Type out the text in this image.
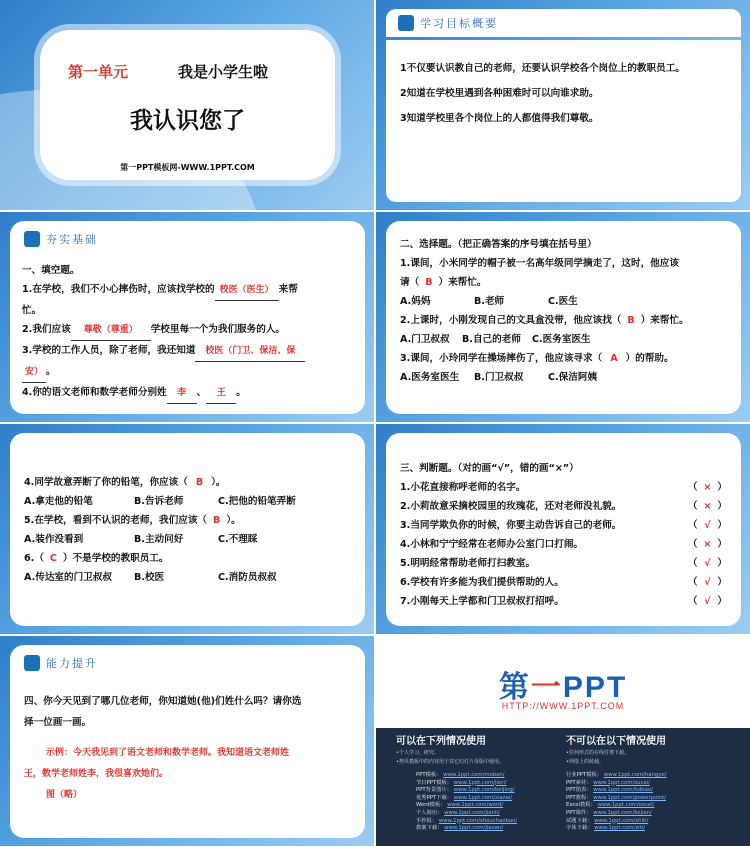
第一单元	我是小学生啦
我认识您了
第一PPT模板网-WWW.1PPT.COM
学习目标概要
1不仅要认识教自己的老师，还要认识学校各个岗位上的教职员工。
2知道在学校里遇到各种困难时可以向谁求助。
3知道学校里各个岗位上的人都值得我们尊敬。
夯实基础
一、填空题。
1.在学校，我们不小心摔伤时，应该找学校的 校医（医生） 来帮
忙。
2.我们应该 尊敬（尊重） 学校里每一个为我们服务的人。
3.学校的工作人员，除了老师，我还知道 校医（门卫、保洁、保
安） 。
4.你的语文老师和数学老师分别姓 李 、 王 。
二、选择题。（把正确答案的序号填在括号里）
1.课间，小米同学的帽子被一名高年级同学摘走了，这时，他应该
请（ B ）来帮忙。
A.妈妈	B.老师	C.医生
2.上课时，小刚发现自己的文具盒没带，他应该找（ B ）来帮忙。
A.门卫叔叔 B.自己的老师 C.医务室医生
3.课间，小玲同学在操场摔伤了，他应该寻求（ A ）的帮助。
A.医务室医生 B.门卫叔叔	C.保洁阿姨
4.同学故意弄断了你的铅笔，你应该（ B ）。
A.拿走他的铅笔	B.告诉老师	C.把他的铅笔弄断
5.在学校，看到不认识的老师，我们应该（ B ）。
A.装作没看到	B.主动问好	C.不理睬
6.（ C ）不是学校的教职员工。
A.传达室的门卫叔叔 B.校医	C.消防员叔叔
三、判断题。（对的画“√”，错的画“×”）
1.小花直接称呼老师的名字。	（ × ）
2.小莉故意采摘校园里的玫瑰花，还对老师没礼貌。	（ × ）
3.当同学欺负你的时候，你要主动告诉自己的老师。	（ √ ）
4.小林和宁宁经常在老师办公室门口打闹。	（ × ）
5.明明经常帮助老师打扫教室。	（ √ ）
6.学校有许多能为我们提供帮助的人。	（ √ ）
7.小刚每天上学都和门卫叔叔打招呼。	（ √ ）
能力提升
四、你今天见到了哪几位老师，你知道她(他)们姓什么吗？请你选
择一位画一画。
示例：今天我见到了语文老师和数学老师。我知道语文老师姓
王，数学老师姓李，我很喜欢她们。
图（略）
第一PPT
HTTP://WWW.1PPT.COM
可以在下列情况使用
•个人学习、研究。
•拷贝模板中的内容用于其它幻灯片母版中使用。
不可以在以下情况使用
•任何形式的在线付费下载。
•网络上的转载。
PPT模板： www.1ppt.com/moban/
节日PPT模板： www.1ppt.com/jieri/
PPT背景图片： www.1ppt.com/beijing/
优秀PPT下载： www.1ppt.com/xiazai/
Word模板： www.1ppt.com/word/
个人简历： www.1ppt.com/jianli/
手抄报： www.1ppt.com/shouchaobao/
教案下载： www.1ppt.com/jiaoan/
行业PPT模板： www.1ppt.com/hangye/
PPT素材： www.1ppt.com/sucai/
PPT图表： www.1ppt.com/tubiao/
PPT教程： www.1ppt.com/powerpoint/
Excel教程： www.1ppt.com/excel/
PPT课件： www.1ppt.com/kejian/
试题下载： www.1ppt.com/shiti/
字体下载： www.1ppt.com/ziti/
